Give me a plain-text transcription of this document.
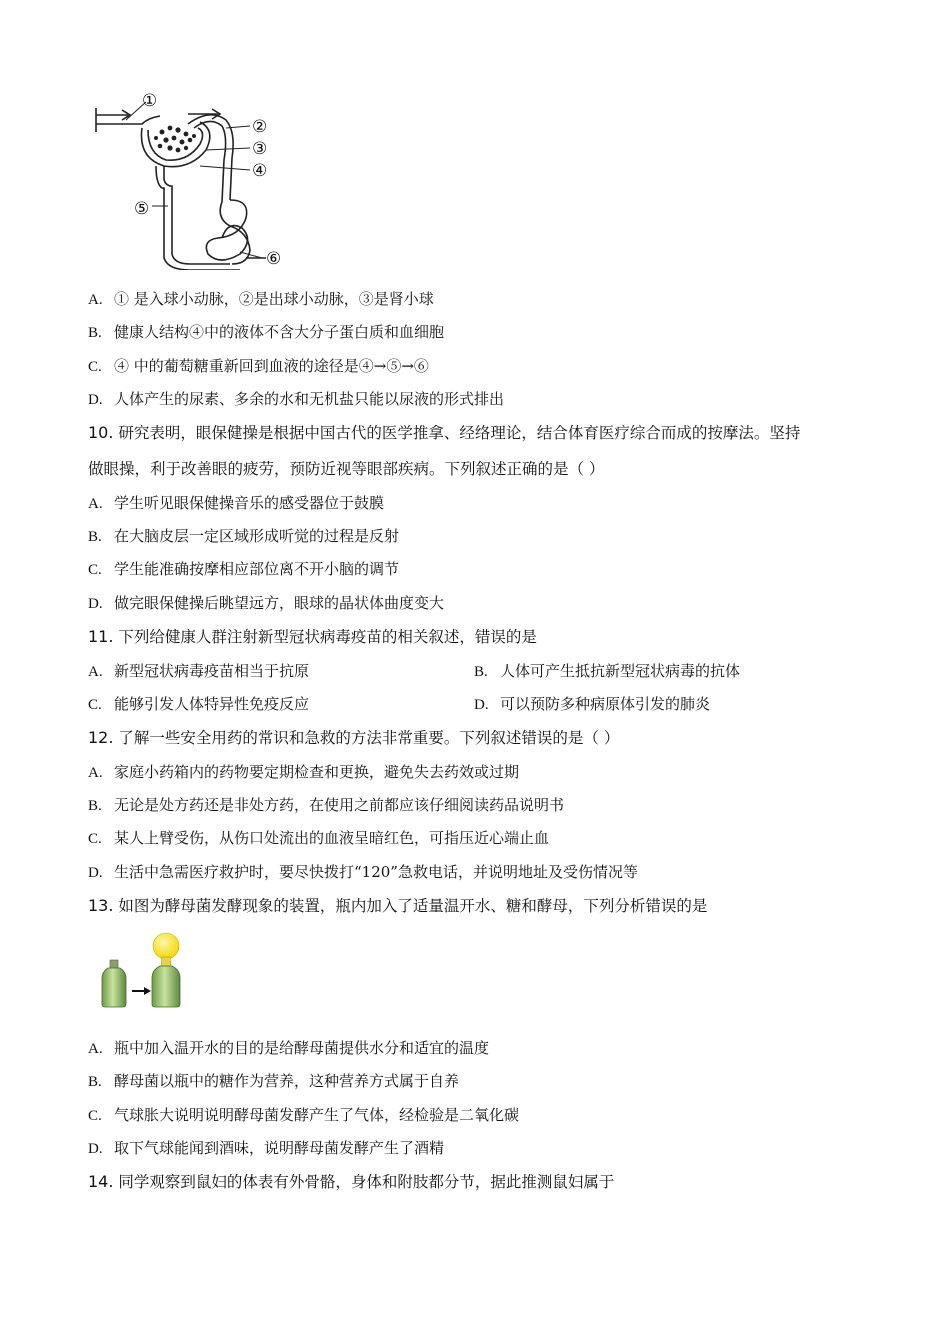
①
②
③
④
⑤
⑥
A. ① 是入球小动脉，②是出球小动脉，③是肾小球
B. 健康人结构④中的液体不含大分子蛋白质和血细胞
C. ④ 中的葡萄糖重新回到血液的途径是④→⑤→⑥
D. 人体产生的尿素、多余的水和无机盐只能以尿液的形式排出
10. 研究表明，眼保健操是根据中国古代的医学推拿、经络理论，结合体育医疗综合而成的按摩法。坚持
做眼操，利于改善眼的疲劳，预防近视等眼部疾病。下列叙述正确的是（ ）
A. 学生听见眼保健操音乐的感受器位于鼓膜
B. 在大脑皮层一定区域形成听觉的过程是反射
C. 学生能准确按摩相应部位离不开小脑的调节
D. 做完眼保健操后眺望远方，眼球的晶状体曲度变大
11. 下列给健康人群注射新型冠状病毒疫苗的相关叙述，错误的是
A. 新型冠状病毒疫苗相当于抗原	B. 人体可产生抵抗新型冠状病毒的抗体
C. 能够引发人体特异性免疫反应	D. 可以预防多种病原体引发的肺炎
12. 了解一些安全用药的常识和急救的方法非常重要。下列叙述错误的是（ ）
A. 家庭小药箱内的药物要定期检查和更换，避免失去药效或过期
B. 无论是处方药还是非处方药，在使用之前都应该仔细阅读药品说明书
C. 某人上臂受伤，从伤口处流出的血液呈暗红色，可指压近心端止血
D. 生活中急需医疗救护时，要尽快拨打“120”急救电话，并说明地址及受伤情况等
13. 如图为酵母菌发酵现象的装置，瓶内加入了适量温开水、糖和酵母，下列分析错误的是
A. 瓶中加入温开水的目的是给酵母菌提供水分和适宜的温度
B. 酵母菌以瓶中的糖作为营养，这种营养方式属于自养
C. 气球胀大说明说明酵母菌发酵产生了气体，经检验是二氧化碳
D. 取下气球能闻到酒味，说明酵母菌发酵产生了酒精
14. 同学观察到鼠妇的体表有外骨骼，身体和附肢都分节，据此推测鼠妇属于
